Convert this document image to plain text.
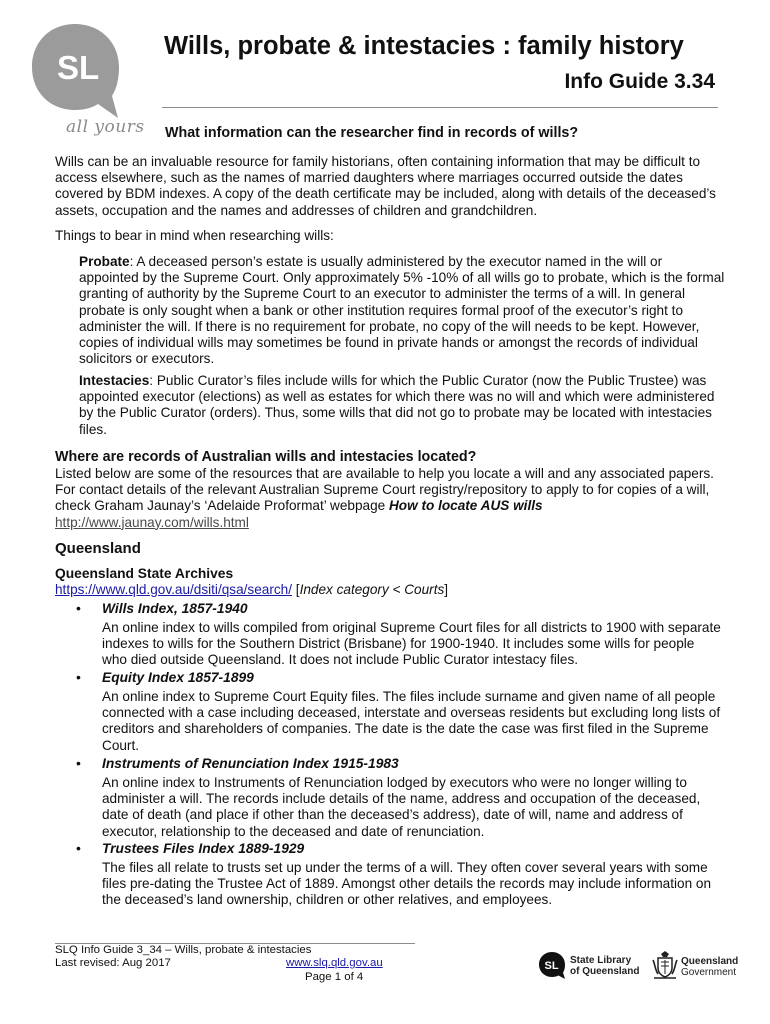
SL
all yours
Wills, probate & intestacies : family history
Info Guide 3.34
What information can the researcher find in records of wills?

Wills can be an invaluable resource for family historians, often containing information that may be difficult to access elsewhere, such as the names of married daughters where marriages occurred outside the dates covered by BDM indexes. A copy of the death certificate may be included, along with details of the deceased’s assets, occupation and the names and addresses of children and grandchildren.

Things to bear in mind when researching wills:

Probate: A deceased person’s estate is usually administered by the executor named in the will or appointed by the Supreme Court. Only approximately 5% -10% of all wills go to probate, which is the formal granting of authority by the Supreme Court to an executor to administer the terms of a will. In general probate is only sought when a bank or other institution requires formal proof of the executor’s right to administer the will. If there is no requirement for probate, no copy of the will needs to be kept. However, copies of individual wills may sometimes be found in private hands or amongst the records of individual solicitors or executors.

Intestacies: Public Curator’s files include wills for which the Public Curator (now the Public Trustee) was appointed executor (elections) as well as estates for which there was no will and which were administered by the Public Curator (orders). Thus, some wills that did not go to probate may be located with intestacies files.

Where are records of Australian wills and intestacies located?

Listed below are some of the resources that are available to help you locate a will and any associated papers. For contact details of the relevant Australian Supreme Court registry/repository to apply to for copies of a will, check Graham Jaunay’s ‘Adelaide Proformat’ webpage How to locate AUS wills
http://www.jaunay.com/wills.html

Queensland
Queensland State Archives
https://www.qld.gov.au/dsiti/qsa/search/ [Index category < Courts]
• Wills Index, 1857-1940

An online index to wills compiled from original Supreme Court files for all districts to 1900 with separate indexes to wills for the Southern District (Brisbane) for 1900-1940. It includes some wills for people who died outside Queensland. It does not include Public Curator intestacy files.

• Equity Index 1857-1899

An online index to Supreme Court Equity files. The files include surname and given name of all people connected with a case including deceased, interstate and overseas residents but excluding long lists of creditors and shareholders of companies. The date is the date the case was first filed in the Supreme Court.

• Instruments of Renunciation Index 1915-1983

An online index to Instruments of Renunciation lodged by executors who were no longer willing to administer a will. The records include details of the name, address and occupation of the deceased, date of death (and place if other than the deceased’s address), date of will, name and address of executor, relationship to the deceased and date of renunciation.

• Trustees Files Index 1889-1929

The files all relate to trusts set up under the terms of a will. They often cover several years with some files pre-dating the Trustee Act of 1889. Amongst other details the records may include information on the deceased’s land ownership, children or other relatives, and employees.

SLQ Info Guide 3_34 – Wills, probate & intestacies
Last revised: Aug 2017	www.slq.qld.gov.au
Page 1 of 4
SL State Library
of Queensland
Queensland
Government
